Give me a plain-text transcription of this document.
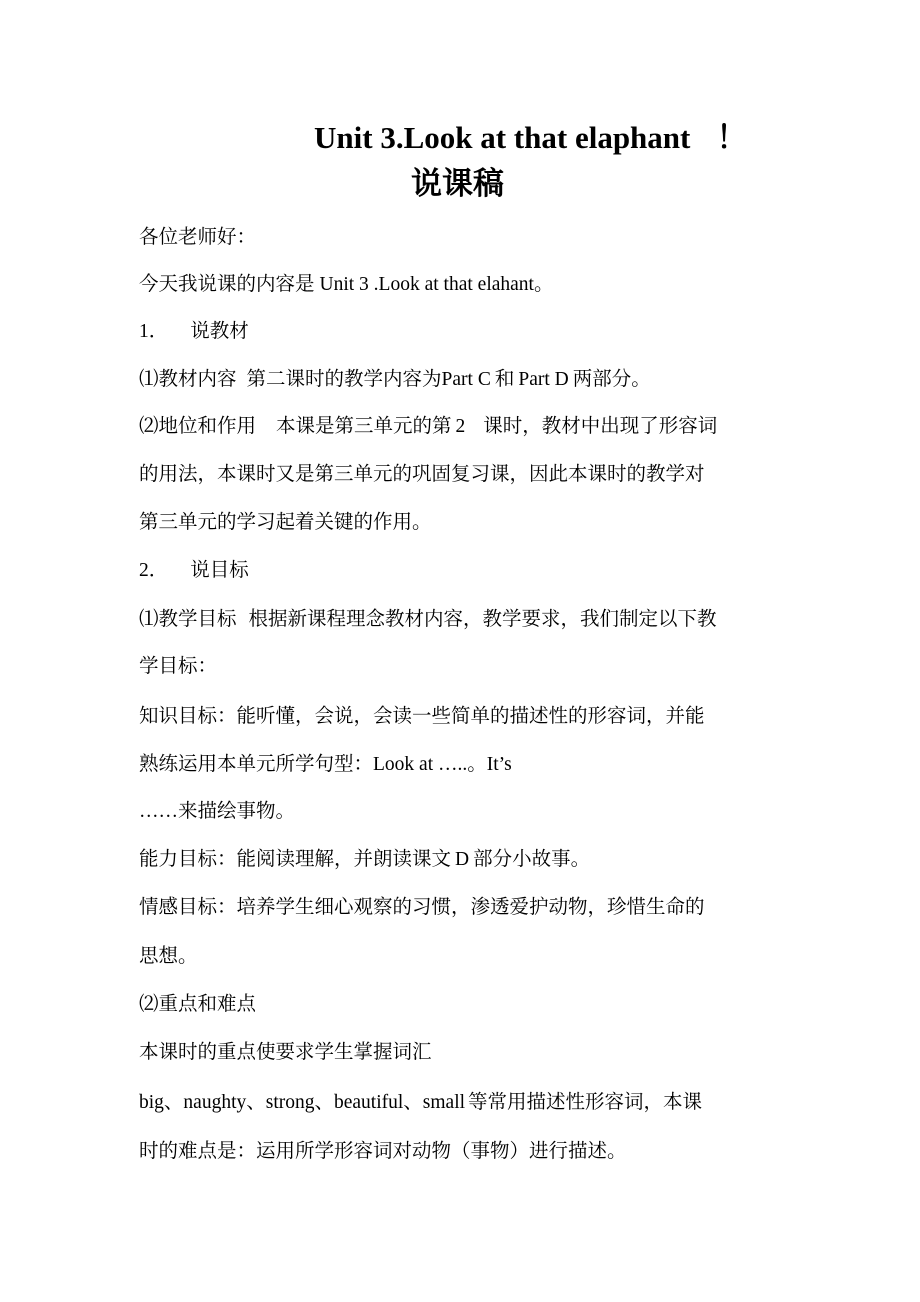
Unit 3.Look at that elaphant ！
说课稿
各位老师好：
今天我说课的内容是 Unit 3 .Look at that elahant。
1． 说教材
⑴教材内容 第二课时的教学内容为Part C 和 Part D 两部分。
⑵地位和作用 本课是第三单元的第 2 课时，教材中出现了形容词
的用法，本课时又是第三单元的巩固复习课，因此本课时的教学对
第三单元的学习起着关键的作用。
2． 说目标
⑴教学目标 根据新课程理念教材内容，教学要求，我们制定以下教
学目标：
知识目标：能听懂，会说，会读一些简单的描述性的形容词，并能
熟练运用本单元所学句型：Look at …..。It’s
……来描绘事物。
能力目标：能阅读理解，并朗读课文 D 部分小故事。
情感目标：培养学生细心观察的习惯，渗透爱护动物，珍惜生命的
思想。
⑵重点和难点
本课时的重点使要求学生掌握词汇
big、naughty、strong、beautiful、small 等常用描述性形容词，本课
时的难点是：运用所学形容词对动物（事物）进行描述。
